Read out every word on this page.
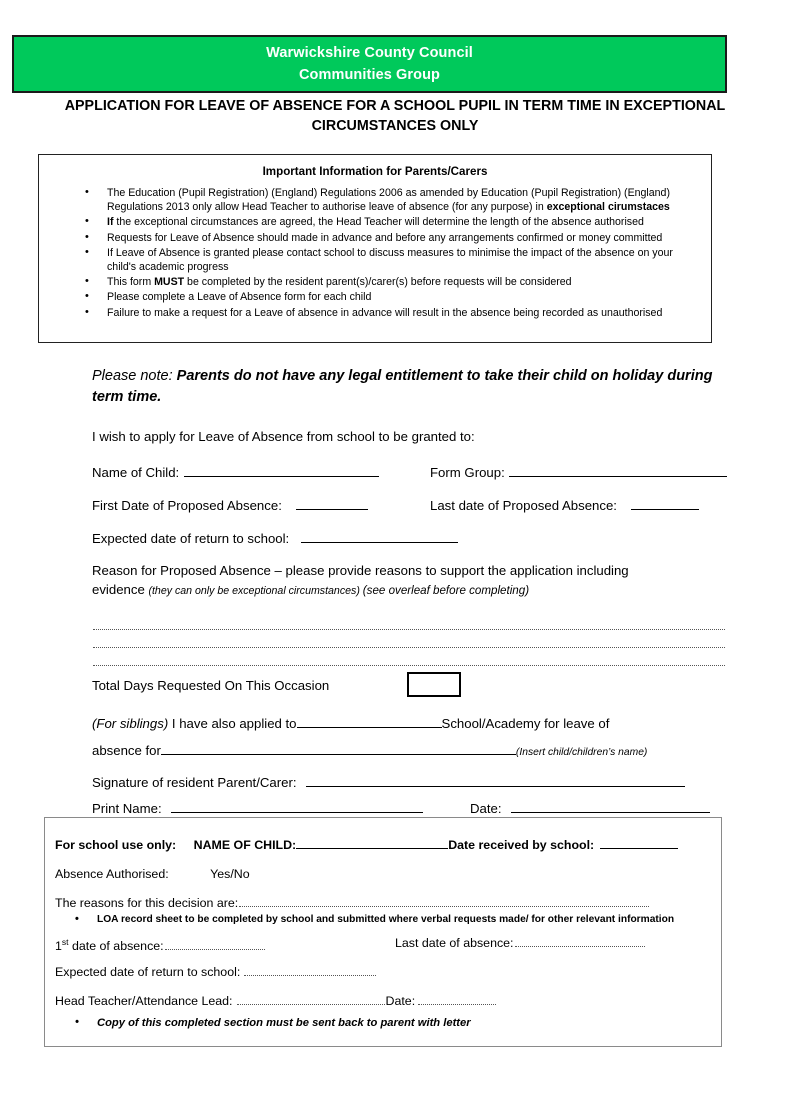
Warwickshire County Council
Communities Group
APPLICATION FOR LEAVE OF ABSENCE FOR A SCHOOL PUPIL IN TERM TIME IN EXCEPTIONAL CIRCUMSTANCES ONLY
Important Information for Parents/Carers
• The Education (Pupil Registration) (England) Regulations 2006 as amended by Education (Pupil Registration) (England) Regulations 2013 only allow Head Teacher to authorise leave of absence (for any purpose) in exceptional cirumstaces
• If the exceptional circumstances are agreed, the Head Teacher will determine the length of the absence authorised
• Requests for Leave of Absence should made in advance and before any arrangements confirmed or money committed
• If Leave of Absence is granted please contact school to discuss measures to minimise the impact of the absence on your child's academic progress
• This form MUST be completed by the resident parent(s)/carer(s) before requests will be considered
• Please complete a Leave of Absence form for each child
• Failure to make a request for a Leave of absence in advance will result in the absence being recorded as unauthorised
Please note: Parents do not have any legal entitlement to take their child on holiday during term time.
I wish to apply for Leave of Absence from school to be granted to:
Name of Child:	Form Group:
First Date of Proposed Absence:	Last date of Proposed Absence:
Expected date of return to school:
Reason for Proposed Absence – please provide reasons to support the application including
evidence (they can only be exceptional circumstances) (see overleaf before completing)
Total Days Requested On This Occasion
(For siblings) I have also applied to	School/Academy for leave of
absence for	(Insert child/children’s name)
Signature of resident Parent/Carer:
Print Name:	Date:
For school use only: NAME OF CHILD:	Date received by school:
Absence Authorised:	Yes/No
The reasons for this decision are:
• LOA record sheet to be completed by school and submitted where verbal requests made/ for other relevant information
1st date of absence:	Last date of absence:
Expected date of return to school:
Head Teacher/Attendance Lead:	Date:
• Copy of this completed section must be sent back to parent with letter
